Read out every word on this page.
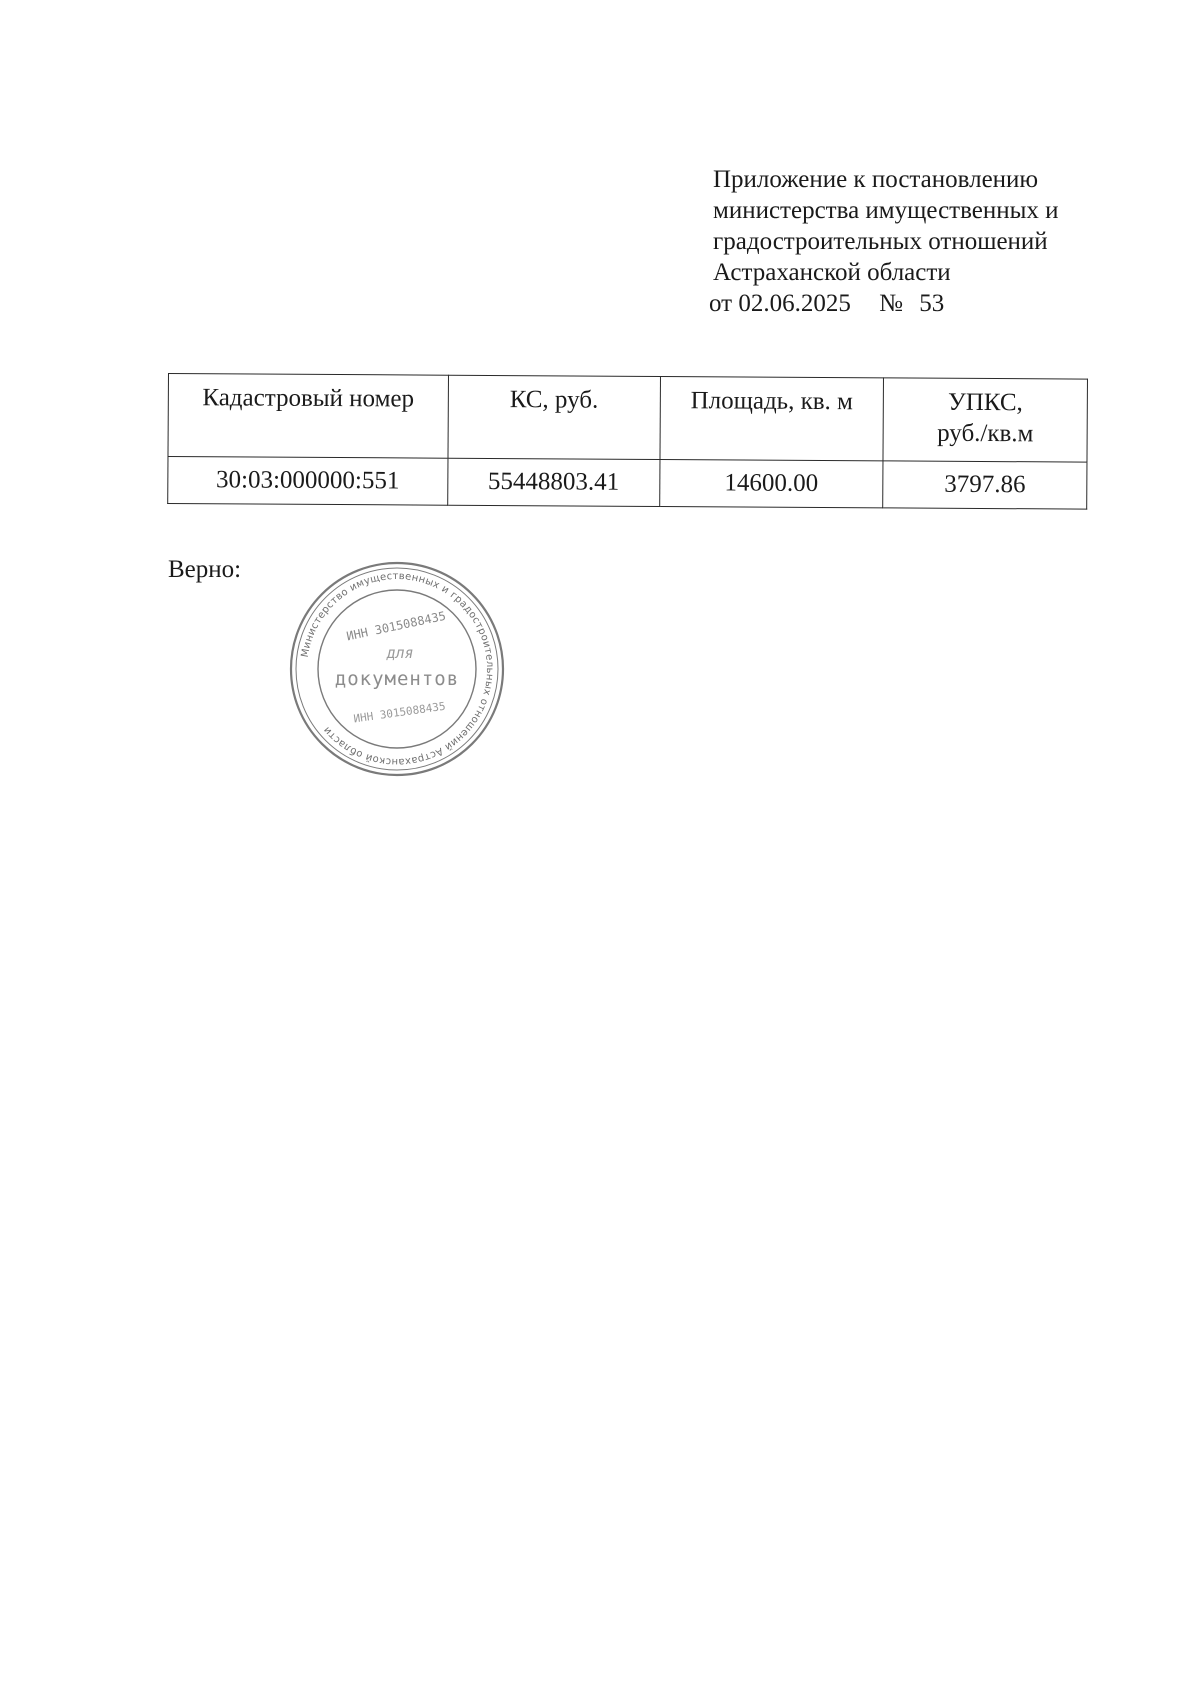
Приложение к постановлению
министерства имущественных и
градостроительных отношений
Астраханской области
от 02.06.2025 № 53
Кадастровый номер	КС, руб.	Площадь, кв. м	УПКС,
руб./кв.м
30:03:000000:551	55448803.41	14600.00	3797.86
Верно:
Министерство имущественных и градостроительных отношений Астраханской области
ИНН 3015088435
для
документов
ИНН 3015088435
